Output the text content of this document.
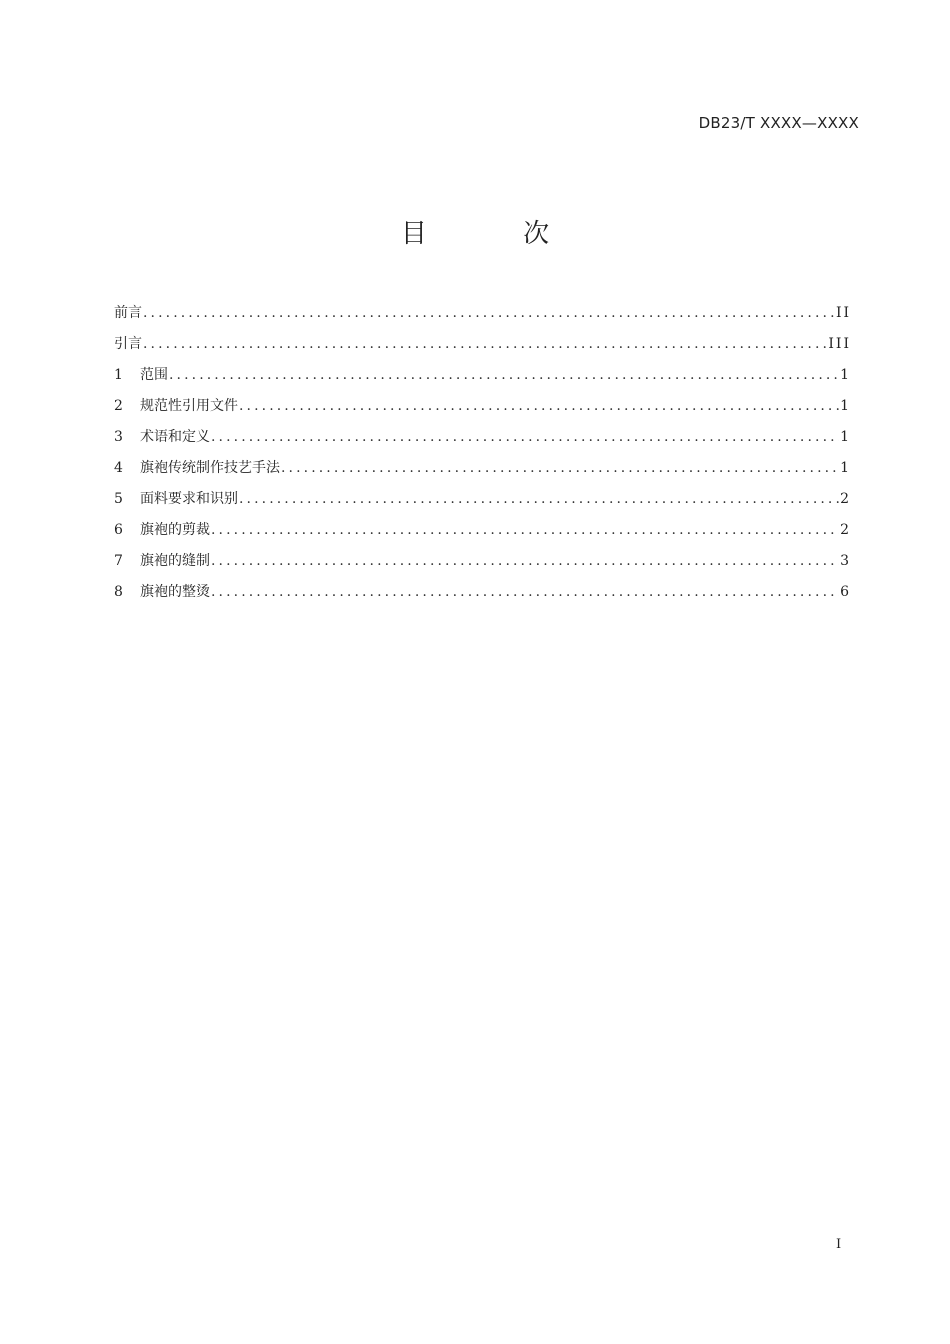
DB23/T XXXX—XXXX
目 次
前言 .....	II
引言 .....	III
1	范围 .....	1
2	规范性引用文件 .....	1
3	术语和定义 .....	1
4	旗袍传统制作技艺手法 .....	1
5	面料要求和识别 .....	2
6	旗袍的剪裁 .....	2
7	旗袍的缝制 .....	3
8	旗袍的整烫 .....	6
I
